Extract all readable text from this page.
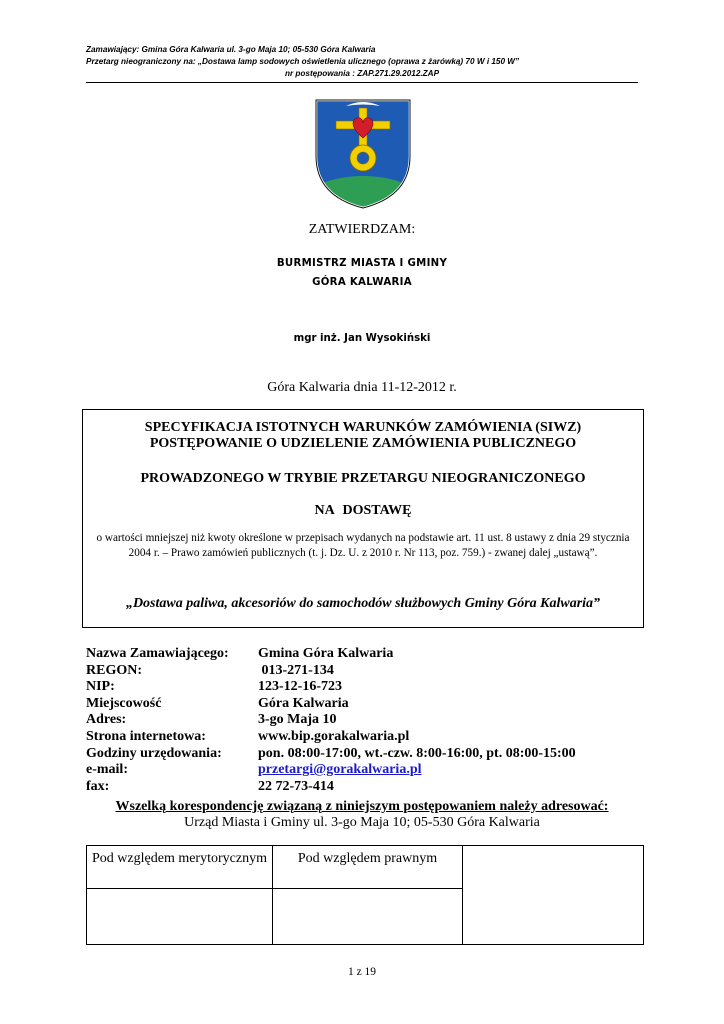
Zamawiający: Gmina Góra Kalwaria ul. 3-go Maja 10; 05-530 Góra Kalwaria
Przetarg nieograniczony na: „Dostawa lamp sodowych oświetlenia ulicznego (oprawa z żarówką) 70 W i 150 W”
nr postępowania : ZAP.271.29.2012.ZAP
ZATWIERDZAM:
BURMISTRZ MIASTA I GMINY
GÓRA KALWARIA
mgr inż. Jan Wysokiński
Góra Kalwaria dnia 11-12-2012 r.
SPECYFIKACJA ISTOTNYCH WARUNKÓW ZAMÓWIENIA (SIWZ)
POSTĘPOWANIE O UDZIELENIE ZAMÓWIENIA PUBLICZNEGO
PROWADZONEGO W TRYBIE PRZETARGU NIEOGRANICZONEGO
NA DOSTAWĘ
o wartości mniejszej niż kwoty określone w przepisach wydanych na podstawie art. 11 ust. 8 ustawy z dnia 29 stycznia 2004 r. – Prawo zamówień publicznych (t. j. Dz. U. z 2010 r. Nr 113, poz. 759.) - zwanej dalej „ustawą”.
„Dostawa paliwa, akcesoriów do samochodów służbowych Gminy Góra Kalwaria”
Nazwa Zamawiającego: Gmina Góra Kalwaria
REGON:	013-271-134
NIP:	123-12-16-723
Miejscowość	Góra Kalwaria
Adres:	3-go Maja 10
Strona internetowa:	www.bip.gorakalwaria.pl
Godziny urzędowania:	pon. 08:00-17:00, wt.-czw. 8:00-16:00, pt. 08:00-15:00
e-mail:	przetargi@gorakalwaria.pl
fax:	22 72-73-414
Wszelką korespondencję związaną z niniejszym postępowaniem należy adresować:
Urząd Miasta i Gminy ul. 3-go Maja 10; 05-530 Góra Kalwaria
Pod względem merytorycznym	Pod względem prawnym	

1 z 19
